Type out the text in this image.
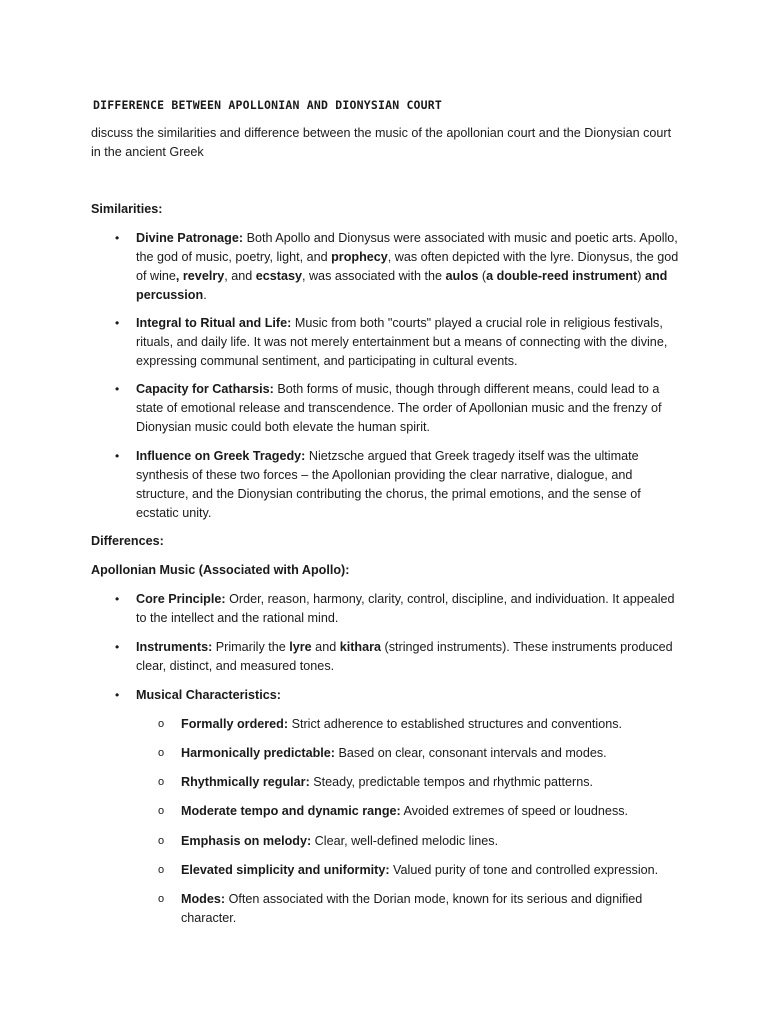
DIFFERENCE BETWEEN APOLLONIAN AND DIONYSIAN COURT
discuss the similarities and difference between the music of the apollonian court and the Dionysian court in the ancient Greek
Similarities:
• Divine Patronage: Both Apollo and Dionysus were associated with music and poetic arts. Apollo, the god of music, poetry, light, and prophecy, was often depicted with the lyre. Dionysus, the god of wine, revelry, and ecstasy, was associated with the aulos (a double-reed instrument) and percussion.
• Integral to Ritual and Life: Music from both "courts" played a crucial role in religious festivals, rituals, and daily life. It was not merely entertainment but a means of connecting with the divine, expressing communal sentiment, and participating in cultural events.
• Capacity for Catharsis: Both forms of music, though through different means, could lead to a state of emotional release and transcendence. The order of Apollonian music and the frenzy of Dionysian music could both elevate the human spirit.
• Influence on Greek Tragedy: Nietzsche argued that Greek tragedy itself was the ultimate synthesis of these two forces – the Apollonian providing the clear narrative, dialogue, and structure, and the Dionysian contributing the chorus, the primal emotions, and the sense of ecstatic unity.
Differences:
Apollonian Music (Associated with Apollo):
• Core Principle: Order, reason, harmony, clarity, control, discipline, and individuation. It appealed to the intellect and the rational mind.
• Instruments: Primarily the lyre and kithara (stringed instruments). These instruments produced clear, distinct, and measured tones.
• Musical Characteristics:
o Formally ordered: Strict adherence to established structures and conventions.
o Harmonically predictable: Based on clear, consonant intervals and modes.
o Rhythmically regular: Steady, predictable tempos and rhythmic patterns.
o Moderate tempo and dynamic range: Avoided extremes of speed or loudness.
o Emphasis on melody: Clear, well-defined melodic lines.
o Elevated simplicity and uniformity: Valued purity of tone and controlled expression.
o Modes: Often associated with the Dorian mode, known for its serious and dignified character.
